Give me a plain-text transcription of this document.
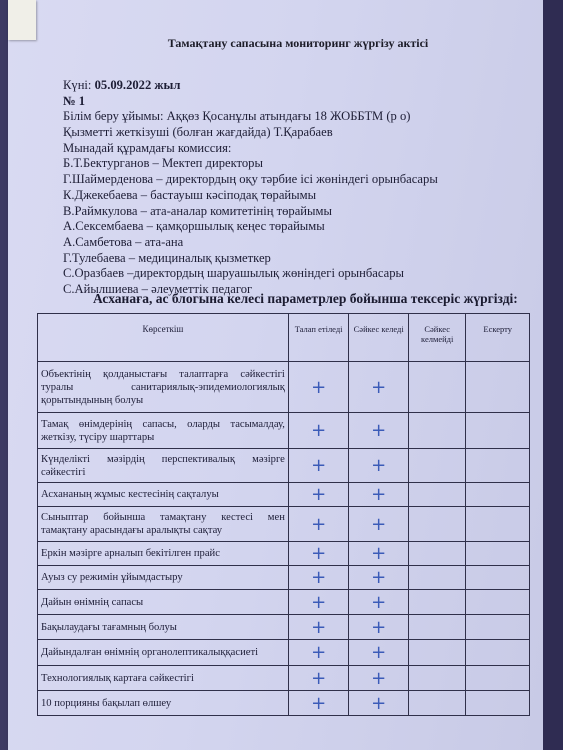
Тамақтану сапасына мониторинг жүргізу актісі
Күні: 05.09.2022 жыл
№ 1
Білім беру ұйымы: Аққөз Қосанұлы атындағы 18 ЖОББТМ (р о)
Қызметті жеткізуші (болған жағдайда) Т.Қарабаев
Мынадай құрамдағы комиссия:
Б.Т.Бектурганов – Мектеп директоры
Г.Шаймерденова – директордың оқу тәрбие ісі жөніндегі орынбасары
К.Джекебаева – бастауыш кәсіподақ төрайымы
В.Раймкулова – ата-аналар комитетінің төрайымы
А.Сексембаева – қамқоршылық кеңес төрайымы
А.Самбетова – ата-ана
Г.Тулебаева – медициналық қызметкер
С.Оразбаев –директордың шаруашылық жөніндегі орынбасары
С.Айылшиева – әлеуметтік педагог
Асханаға, ас блогына келесі параметрлер бойынша тексеріс жүргізді:
Көрсеткіш	Талап етіледі	Сәйкес келеді	Сәйкес келмейді	Ескерту
Объектінің қолданыстағы талаптарға сәйкестігі туралы санитариялық-эпидемиологиялық қорытындының болуы	+	+		
Тамақ өнімдерінің сапасы, оларды тасымалдау, жеткізу, түсіру шарттары	+	+		
Күнделікті мәзірдің перспективалық мәзірге сәйкестігі	+	+		
Асхананың жұмыс кестесінің сақталуы	+	+		
Сыныптар бойынша тамақтану кестесі мен тамақтану арасындағы аралықты сақтау	+	+		
Еркін мәзірге арналып бекітілген прайс	+	+		
Ауыз су режимін ұйымдастыру	+	+		
Дайын өнімнің сапасы	+	+		
Бақылаудағы тағамның болуы	+	+		
Дайындалған өнімнің органолептикалыққасиеті	+	+		
Технологиялық картаға сәйкестігі	+	+		
10 порцияны бақылап өлшеу	+	+		
